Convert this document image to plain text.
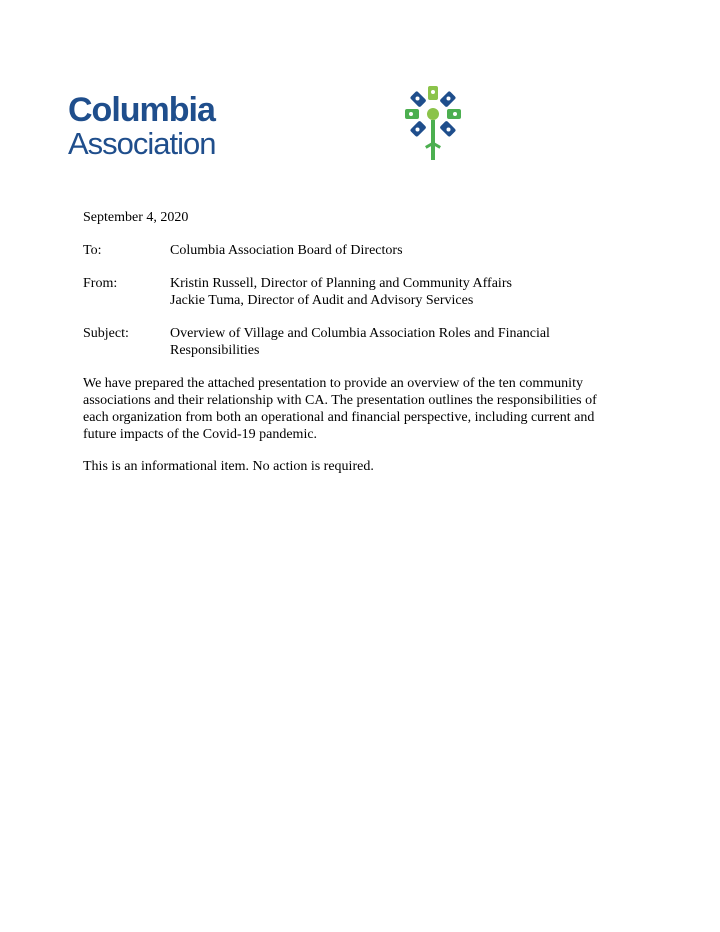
Columbia
Association
September 4, 2020
To:	Columbia Association Board of Directors
From:	Kristin Russell, Director of Planning and Community Affairs
Jackie Tuma, Director of Audit and Advisory Services
Subject:	Overview of Village and Columbia Association Roles and Financial
Responsibilities
We have prepared the attached presentation to provide an overview of the ten community
associations and their relationship with CA. The presentation outlines the responsibilities of
each organization from both an operational and financial perspective, including current and
future impacts of the Covid-19 pandemic.
This is an informational item. No action is required.
